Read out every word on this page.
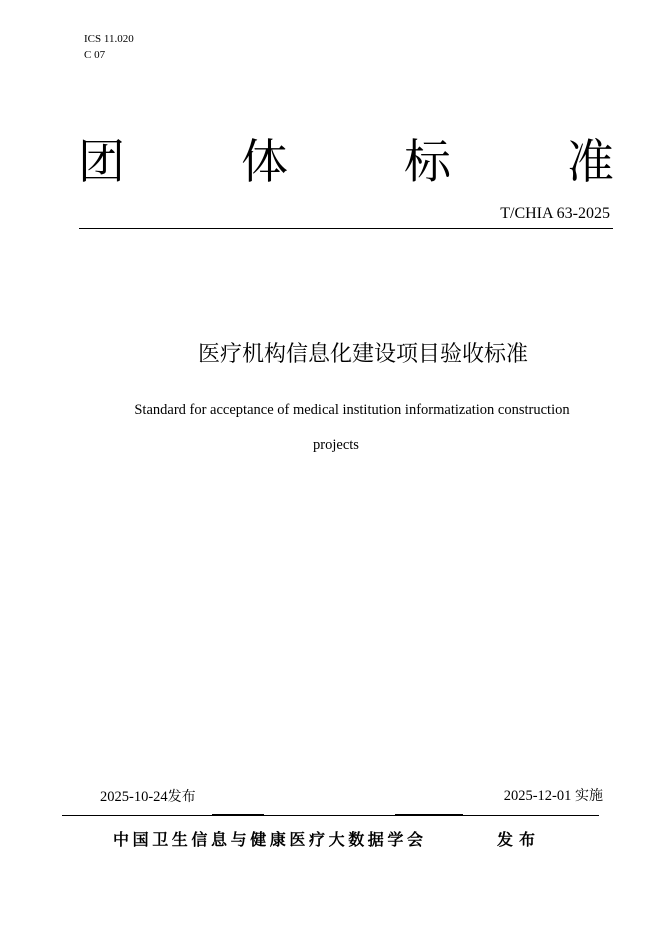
ICS 11.020
C 07
团 体 标 准
T/CHIA 63-2025
医疗机构信息化建设项目验收标准
Standard for acceptance of medical institution informatization construction
projects
2025-10-24发布	2025-12-01 实施
中国卫生信息与健康医疗大数据学会	发布
